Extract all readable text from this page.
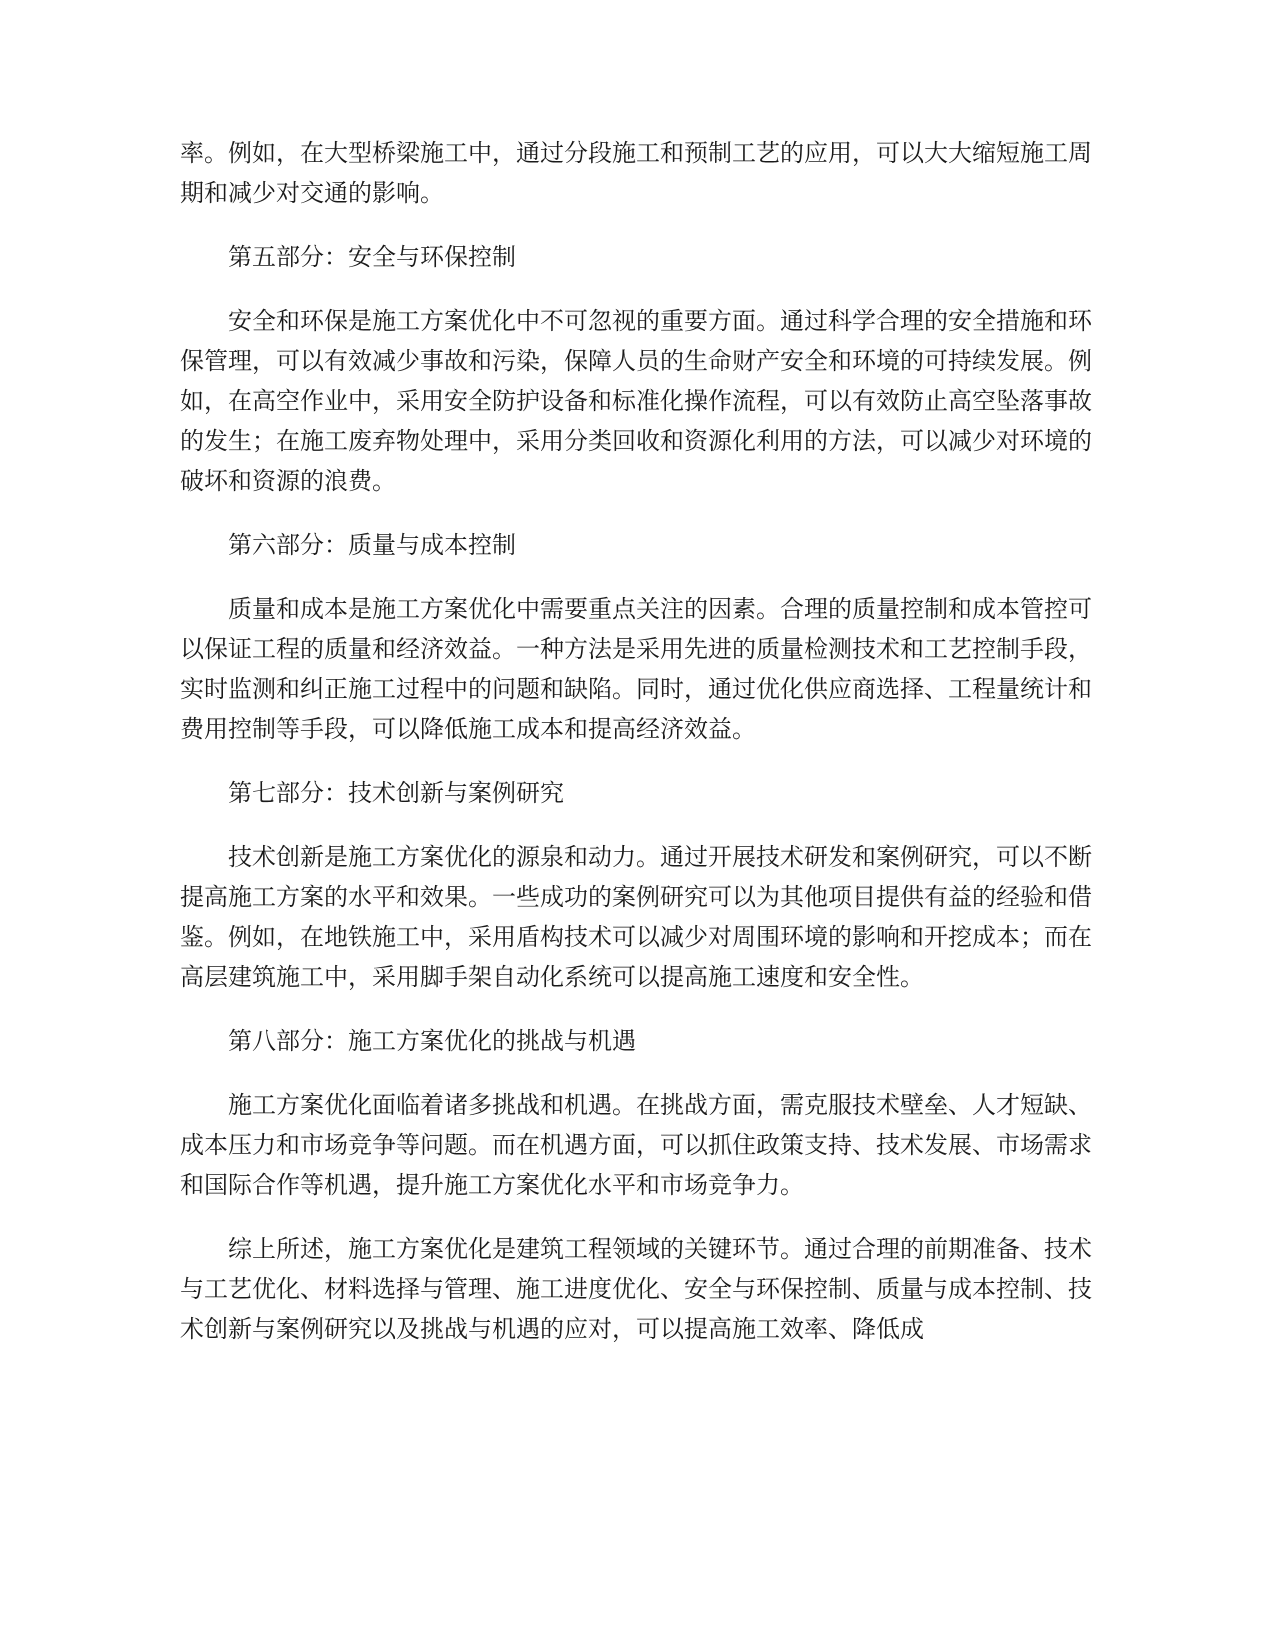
率。例如，在大型桥梁施工中，通过分段施工和预制工艺的应用，可以大大缩短施工周期和减少对交通的影响。

第五部分：安全与环保控制

安全和环保是施工方案优化中不可忽视的重要方面。通过科学合理的安全措施和环保管理，可以有效减少事故和污染，保障人员的生命财产安全和环境的可持续发展。例如，在高空作业中，采用安全防护设备和标准化操作流程，可以有效防止高空坠落事故的发生；在施工废弃物处理中，采用分类回收和资源化利用的方法，可以减少对环境的破坏和资源的浪费。

第六部分：质量与成本控制

质量和成本是施工方案优化中需要重点关注的因素。合理的质量控制和成本管控可以保证工程的质量和经济效益。一种方法是采用先进的质量检测技术和工艺控制手段，实时监测和纠正施工过程中的问题和缺陷。同时，通过优化供应商选择、工程量统计和费用控制等手段，可以降低施工成本和提高经济效益。

第七部分：技术创新与案例研究

技术创新是施工方案优化的源泉和动力。通过开展技术研发和案例研究，可以不断提高施工方案的水平和效果。一些成功的案例研究可以为其他项目提供有益的经验和借鉴。例如，在地铁施工中，采用盾构技术可以减少对周围环境的影响和开挖成本；而在高层建筑施工中，采用脚手架自动化系统可以提高施工速度和安全性。

第八部分：施工方案优化的挑战与机遇

施工方案优化面临着诸多挑战和机遇。在挑战方面，需克服技术壁垒、人才短缺、成本压力和市场竞争等问题。而在机遇方面，可以抓住政策支持、技术发展、市场需求和国际合作等机遇，提升施工方案优化水平和市场竞争力。

综上所述，施工方案优化是建筑工程领域的关键环节。通过合理的前期准备、技术与工艺优化、材料选择与管理、施工进度优化、安全与环保控制、质量与成本控制、技术创新与案例研究以及挑战与机遇的应对，可以提高施工效率、降低成
